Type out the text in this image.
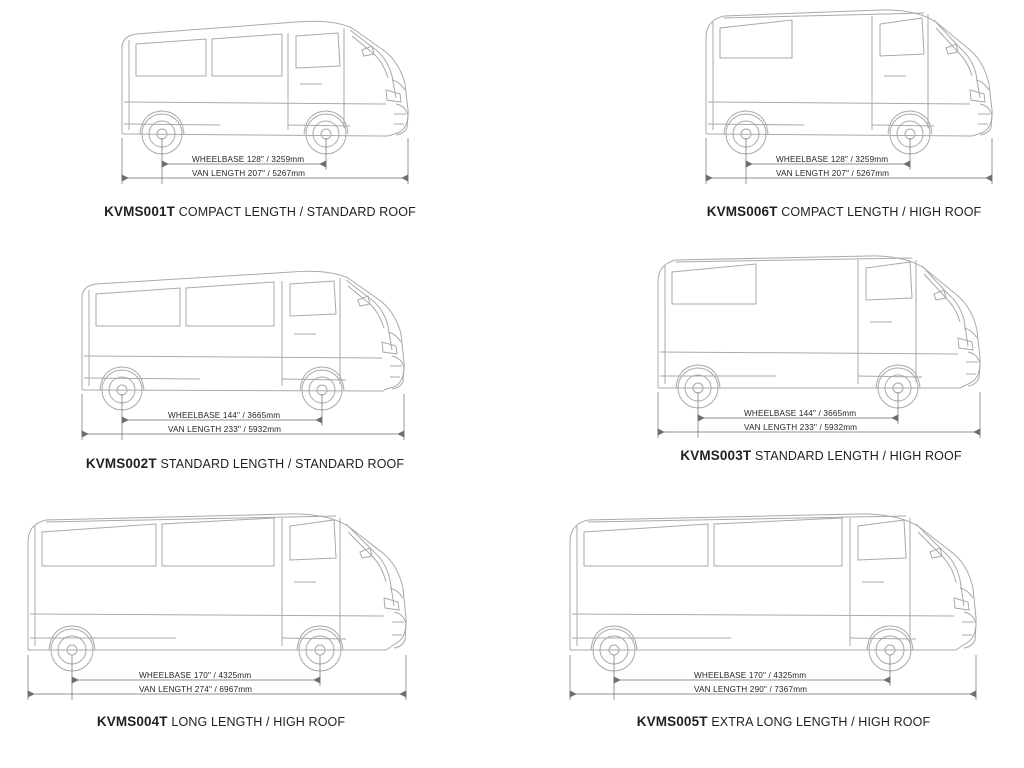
WHEELBASE 128" / 3259mm
VAN LENGTH 207" / 5267mm
KVMS001T COMPACT LENGTH / STANDARD ROOF
WHEELBASE 128" / 3259mm
VAN LENGTH 207" / 5267mm
KVMS006T COMPACT LENGTH / HIGH ROOF
WHEELBASE 144" / 3665mm
VAN LENGTH 233" / 5932mm
KVMS002T STANDARD LENGTH / STANDARD ROOF
WHEELBASE 144" / 3665mm
VAN LENGTH 233" / 5932mm
KVMS003T STANDARD LENGTH / HIGH ROOF
WHEELBASE 170" / 4325mm
VAN LENGTH 274" / 6967mm
KVMS004T LONG LENGTH / HIGH ROOF
WHEELBASE 170" / 4325mm
VAN LENGTH 290" / 7367mm
KVMS005T EXTRA LONG LENGTH / HIGH ROOF
